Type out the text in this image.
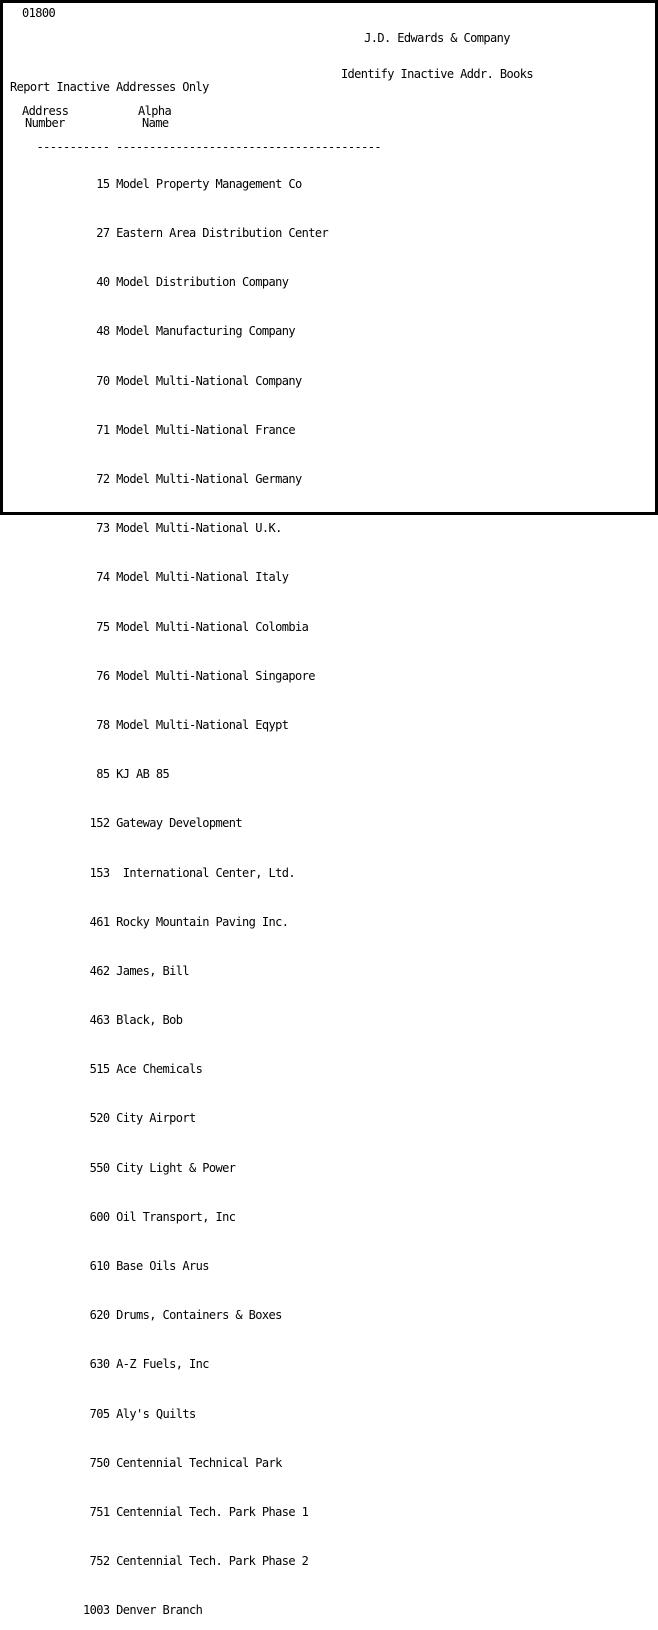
01800

J.D. Edwards & Company

Identify Inactive Addr. Books

Report Inactive Addresses Only
Address
Number
Alpha
Name

----------- ----------------------------------------

15 Model Property Management Co

27 Eastern Area Distribution Center

40 Model Distribution Company

48 Model Manufacturing Company

70 Model Multi-National Company

71 Model Multi-National France

72 Model Multi-National Germany

73 Model Multi-National U.K.

74 Model Multi-National Italy

75 Model Multi-National Colombia

76 Model Multi-National Singapore

78 Model Multi-National Eqypt

85 KJ AB 85

152 Gateway Development

153 International Center, Ltd.

461 Rocky Mountain Paving Inc.

462 James, Bill

463 Black, Bob

515 Ace Chemicals

520 City Airport

550 City Light & Power

600 Oil Transport, Inc

610 Base Oils Arus

620 Drums, Containers & Boxes

630 A-Z Fuels, Inc

705 Aly's Quilts

750 Centennial Technical Park

751 Centennial Tech. Park Phase 1

752 Centennial Tech. Park Phase 2

1003 Denver Branch
